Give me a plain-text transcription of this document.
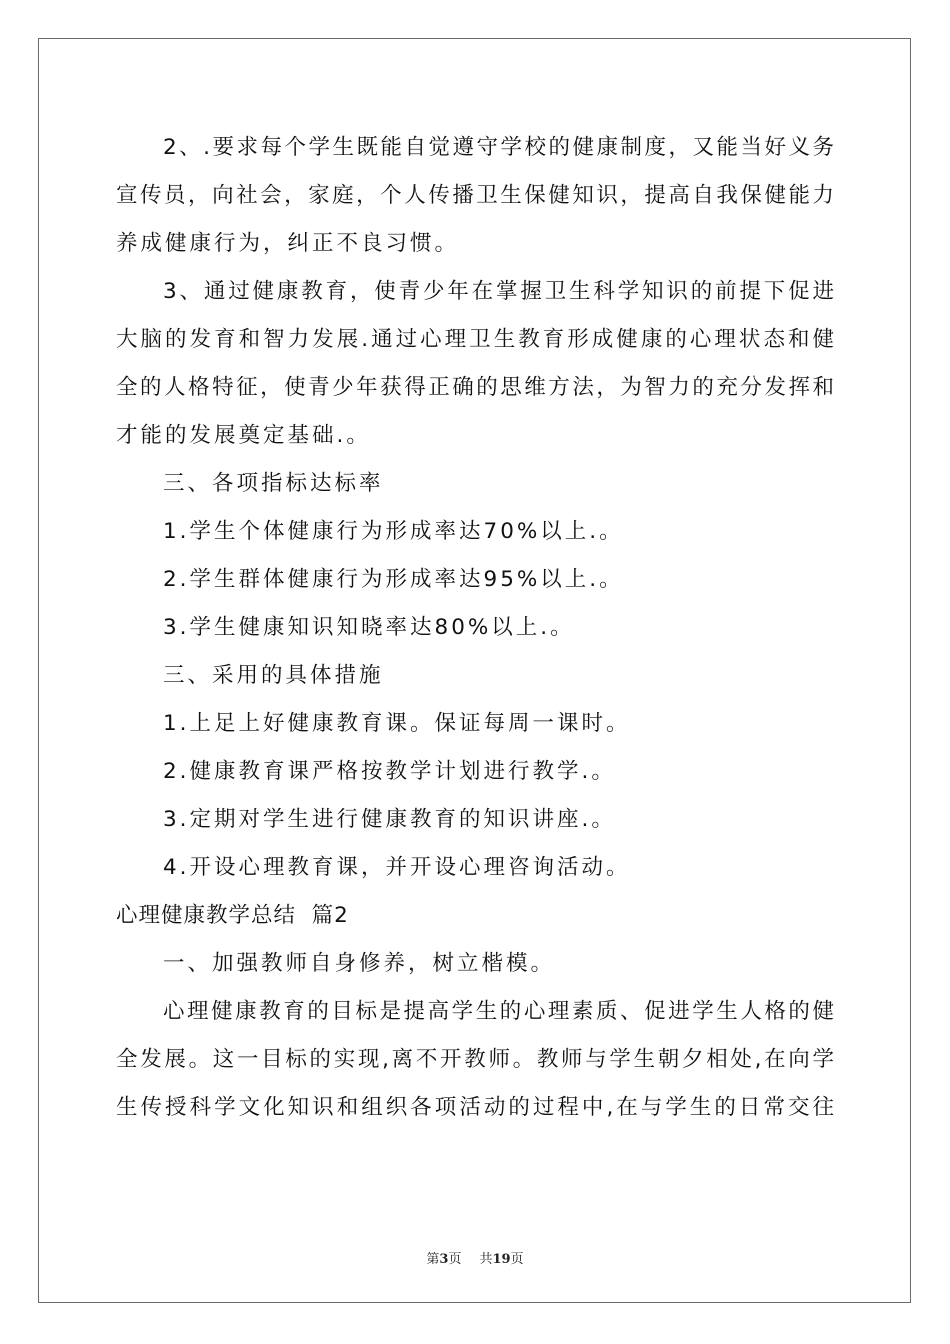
2、.要求每个学生既能自觉遵守学校的健康制度，又能当好义务
宣传员，向社会，家庭，个人传播卫生保健知识，提高自我保健能力
养成健康行为，纠正不良习惯。
3、通过健康教育，使青少年在掌握卫生科学知识的前提下促进
大脑的发育和智力发展.通过心理卫生教育形成健康的心理状态和健
全的人格特征，使青少年获得正确的思维方法，为智力的充分发挥和
才能的发展奠定基础.。
三、各项指标达标率
1.学生个体健康行为形成率达70%以上.。
2.学生群体健康行为形成率达95%以上.。
3.学生健康知识知晓率达80%以上.。
三、采用的具体措施
1.上足上好健康教育课。保证每周一课时。
2.健康教育课严格按教学计划进行教学.。
3.定期对学生进行健康教育的知识讲座.。
4.开设心理教育课，并开设心理咨询活动。
心理健康教学总结  篇2
一、加强教师自身修养，树立楷模。
心理健康教育的目标是提高学生的心理素质、促进学生人格的健
全发展。这一目标的实现,离不开教师。教师与学生朝夕相处,在向学
生传授科学文化知识和组织各项活动的过程中,在与学生的日常交往
第3页 共19页
